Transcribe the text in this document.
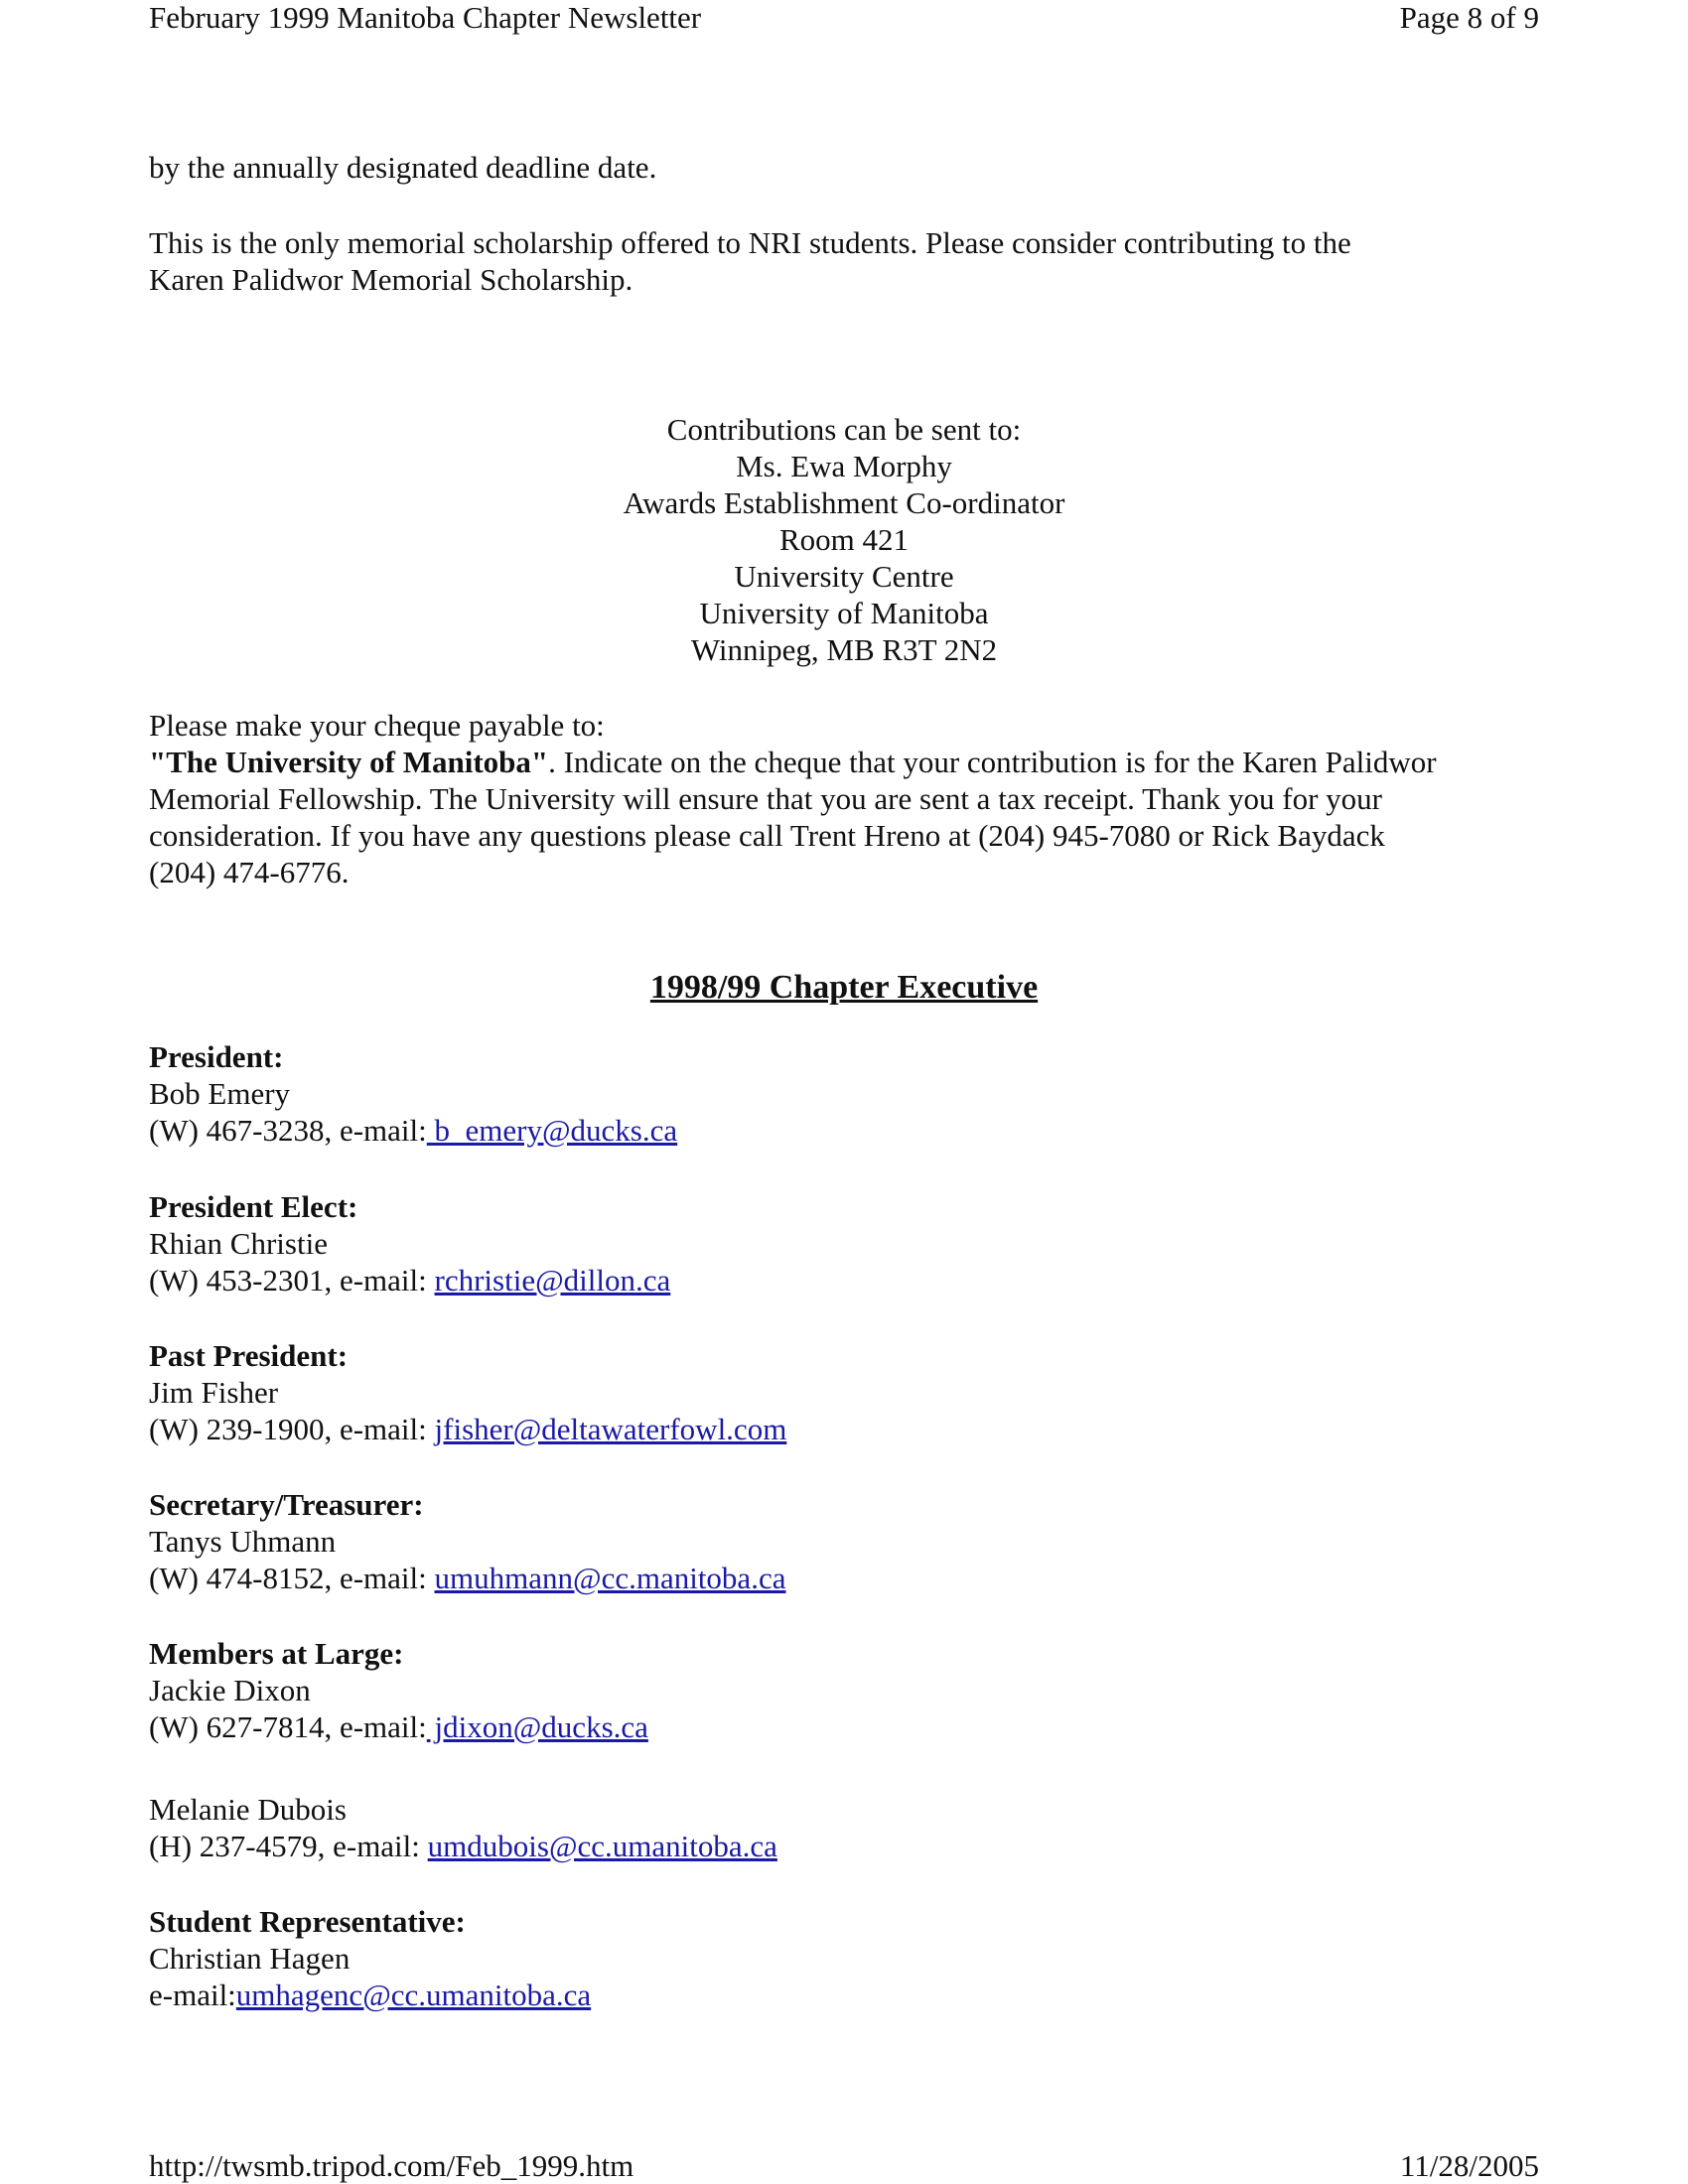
February 1999 Manitoba Chapter Newsletter	Page 8 of 9
by the annually designated deadline date.
This is the only memorial scholarship offered to NRI students. Please consider contributing to the
Karen Palidwor Memorial Scholarship.
Contributions can be sent to:
Ms. Ewa Morphy
Awards Establishment Co-ordinator
Room 421
University Centre
University of Manitoba
Winnipeg, MB R3T 2N2
Please make your cheque payable to:
"The University of Manitoba". Indicate on the cheque that your contribution is for the Karen Palidwor
Memorial Fellowship. The University will ensure that you are sent a tax receipt. Thank you for your
consideration. If you have any questions please call Trent Hreno at (204) 945-7080 or Rick Baydack
(204) 474-6776.
1998/99 Chapter Executive
President:
Bob Emery
(W) 467-3238, e-mail: b_emery@ducks.ca
President Elect:
Rhian Christie
(W) 453-2301, e-mail: rchristie@dillon.ca
Past President:
Jim Fisher
(W) 239-1900, e-mail: jfisher@deltawaterfowl.com
Secretary/Treasurer:
Tanys Uhmann
(W) 474-8152, e-mail: umuhmann@cc.manitoba.ca
Members at Large:
Jackie Dixon
(W) 627-7814, e-mail: jdixon@ducks.ca
Melanie Dubois
(H) 237-4579, e-mail: umdubois@cc.umanitoba.ca
Student Representative:
Christian Hagen
e-mail:umhagenc@cc.umanitoba.ca
http://twsmb.tripod.com/Feb_1999.htm	11/28/2005
